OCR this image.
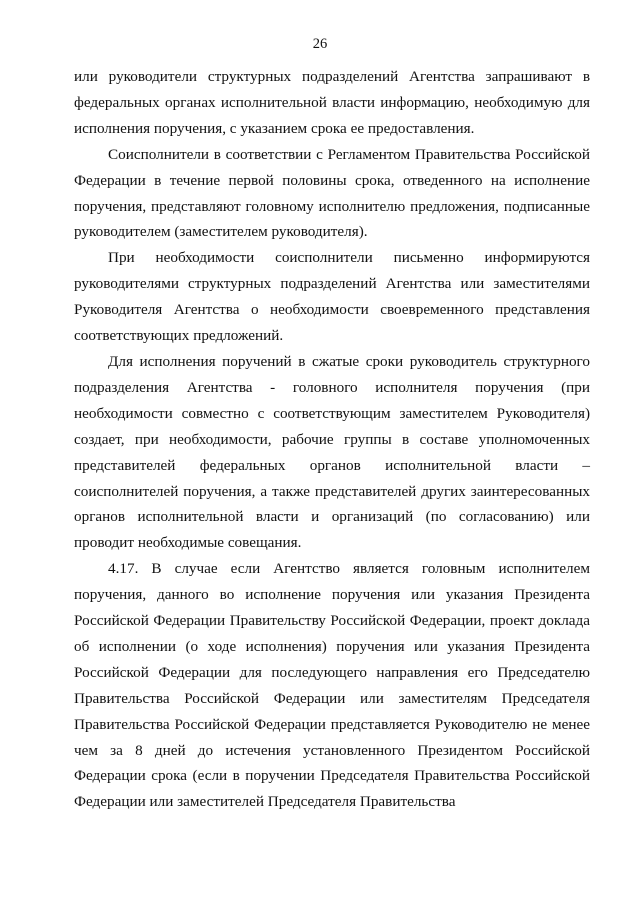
26

или руководители структурных подразделений Агентства запрашивают в федеральных органах исполнительной власти информацию, необходимую для исполнения поручения, с указанием срока ее предоставления.

Соисполнители в соответствии с Регламентом Правительства Российской Федерации в течение первой половины срока, отведенного на исполнение поручения, представляют головному исполнителю предложения, подписанные руководителем (заместителем руководителя).

При необходимости соисполнители письменно информируются руководителями структурных подразделений Агентства или заместителями Руководителя Агентства о необходимости своевременного представления соответствующих предложений.

Для исполнения поручений в сжатые сроки руководитель структурного подразделения Агентства - головного исполнителя поручения (при необходимости совместно с соответствующим заместителем Руководителя) создает, при необходимости, рабочие группы в составе уполномоченных представителей федеральных органов исполнительной власти – соисполнителей поручения, а также представителей других заинтересованных органов исполнительной власти и организаций (по согласованию) или проводит необходимые совещания.

4.17. В случае если Агентство является головным исполнителем поручения, данного во исполнение поручения или указания Президента Российской Федерации Правительству Российской Федерации, проект доклада об исполнении (о ходе исполнения) поручения или указания Президента Российской Федерации для последующего направления его Председателю Правительства Российской Федерации или заместителям Председателя Правительства Российской Федерации представляется Руководителю не менее чем за 8 дней до истечения установленного Президентом Российской Федерации срока (если в поручении Председателя Правительства Российской Федерации или заместителей Председателя Правительства
